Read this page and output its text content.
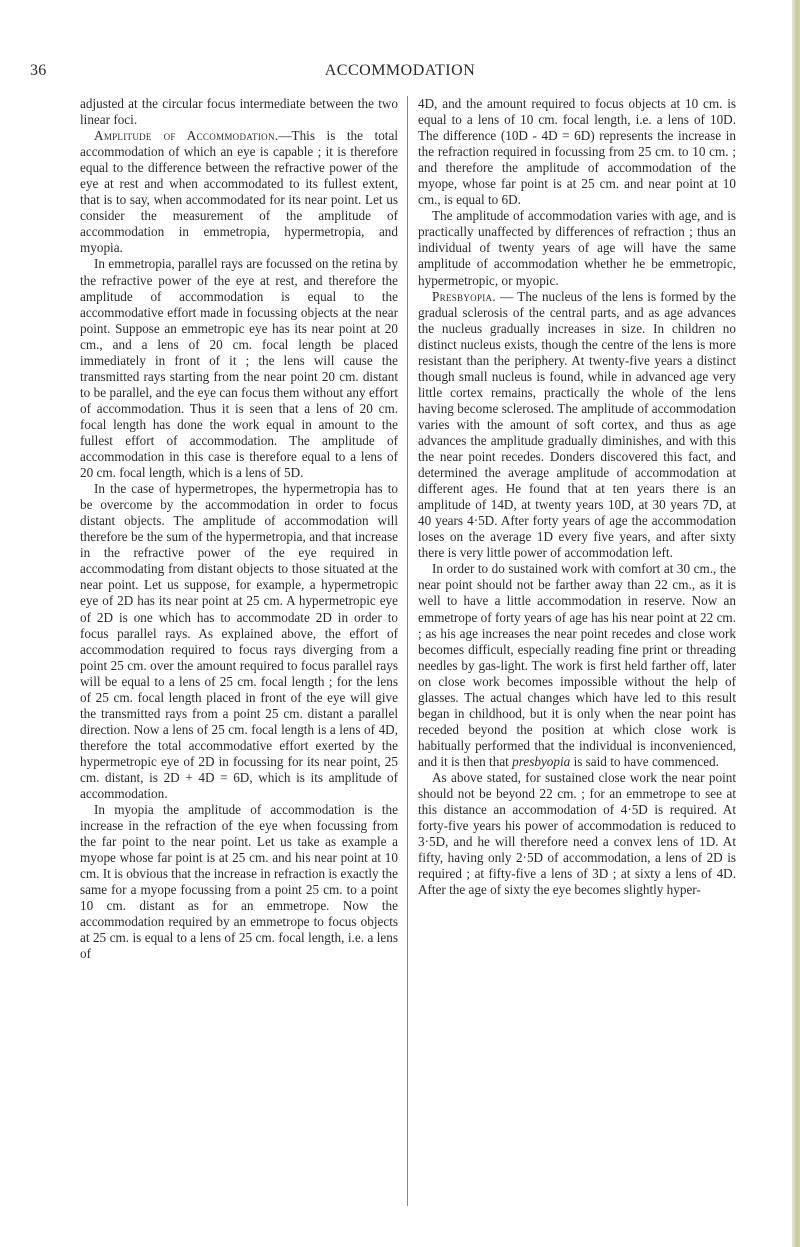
36	ACCOMMODATION

adjusted at the circular focus intermediate between the two linear foci.

Amplitude of Accommodation.—This is the total accommodation of which an eye is capable ; it is therefore equal to the difference between the refractive power of the eye at rest and when accommodated to its fullest extent, that is to say, when accommodated for its near point. Let us consider the measurement of the amplitude of accommodation in emmetropia, hypermetropia, and myopia.

In emmetropia, parallel rays are focussed on the retina by the refractive power of the eye at rest, and therefore the amplitude of accommodation is equal to the accommodative effort made in focussing objects at the near point. Suppose an emmetropic eye has its near point at 20 cm., and a lens of 20 cm. focal length be placed immediately in front of it ; the lens will cause the transmitted rays starting from the near point 20 cm. distant to be parallel, and the eye can focus them without any effort of accommodation. Thus it is seen that a lens of 20 cm. focal length has done the work equal in amount to the fullest effort of accommodation. The amplitude of accommodation in this case is therefore equal to a lens of 20 cm. focal length, which is a lens of 5D.

In the case of hypermetropes, the hypermetropia has to be overcome by the accommodation in order to focus distant objects. The amplitude of accommodation will therefore be the sum of the hypermetropia, and that increase in the refractive power of the eye required in accommodating from distant objects to those situated at the near point. Let us suppose, for example, a hypermetropic eye of 2D has its near point at 25 cm. A hypermetropic eye of 2D is one which has to accommodate 2D in order to focus parallel rays. As explained above, the effort of accommodation required to focus rays diverging from a point 25 cm. over the amount required to focus parallel rays will be equal to a lens of 25 cm. focal length ; for the lens of 25 cm. focal length placed in front of the eye will give the transmitted rays from a point 25 cm. distant a parallel direction. Now a lens of 25 cm. focal length is a lens of 4D, therefore the total accommodative effort exerted by the hypermetropic eye of 2D in focussing for its near point, 25 cm. distant, is 2D + 4D = 6D, which is its amplitude of accommodation.

In myopia the amplitude of accommodation is the increase in the refraction of the eye when focussing from the far point to the near point. Let us take as example a myope whose far point is at 25 cm. and his near point at 10 cm. It is obvious that the increase in refraction is exactly the same for a myope focussing from a point 25 cm. to a point 10 cm. distant as for an emmetrope. Now the accommodation required by an emmetrope to focus objects at 25 cm. is equal to a lens of 25 cm. focal length, i.e. a lens of

4D, and the amount required to focus objects at 10 cm. is equal to a lens of 10 cm. focal length, i.e. a lens of 10D. The difference (10D - 4D = 6D) represents the increase in the refraction required in focussing from 25 cm. to 10 cm. ; and therefore the amplitude of accommodation of the myope, whose far point is at 25 cm. and near point at 10 cm., is equal to 6D.

The amplitude of accommodation varies with age, and is practically unaffected by differences of refraction ; thus an individual of twenty years of age will have the same amplitude of accommodation whether he be emmetropic, hypermetropic, or myopic.

Presbyopia. — The nucleus of the lens is formed by the gradual sclerosis of the central parts, and as age advances the nucleus gradually increases in size. In children no distinct nucleus exists, though the centre of the lens is more resistant than the periphery. At twenty-five years a distinct though small nucleus is found, while in advanced age very little cortex remains, practically the whole of the lens having become sclerosed. The amplitude of accommodation varies with the amount of soft cortex, and thus as age advances the amplitude gradually diminishes, and with this the near point recedes. Donders discovered this fact, and determined the average amplitude of accommodation at different ages. He found that at ten years there is an amplitude of 14D, at twenty years 10D, at 30 years 7D, at 40 years 4·5D. After forty years of age the accommodation loses on the average 1D every five years, and after sixty there is very little power of accommodation left.

In order to do sustained work with comfort at 30 cm., the near point should not be farther away than 22 cm., as it is well to have a little accommodation in reserve. Now an emmetrope of forty years of age has his near point at 22 cm. ; as his age increases the near point recedes and close work becomes difficult, especially reading fine print or threading needles by gas-light. The work is first held farther off, later on close work becomes impossible without the help of glasses. The actual changes which have led to this result began in childhood, but it is only when the near point has receded beyond the position at which close work is habitually performed that the individual is inconvenienced, and it is then that presbyopia is said to have commenced.

As above stated, for sustained close work the near point should not be beyond 22 cm. ; for an emmetrope to see at this distance an accommodation of 4·5D is required. At forty-five years his power of accommodation is reduced to 3·5D, and he will therefore need a convex lens of 1D. At fifty, having only 2·5D of accommodation, a lens of 2D is required ; at fifty-five a lens of 3D ; at sixty a lens of 4D. After the age of sixty the eye becomes slightly hyper-
